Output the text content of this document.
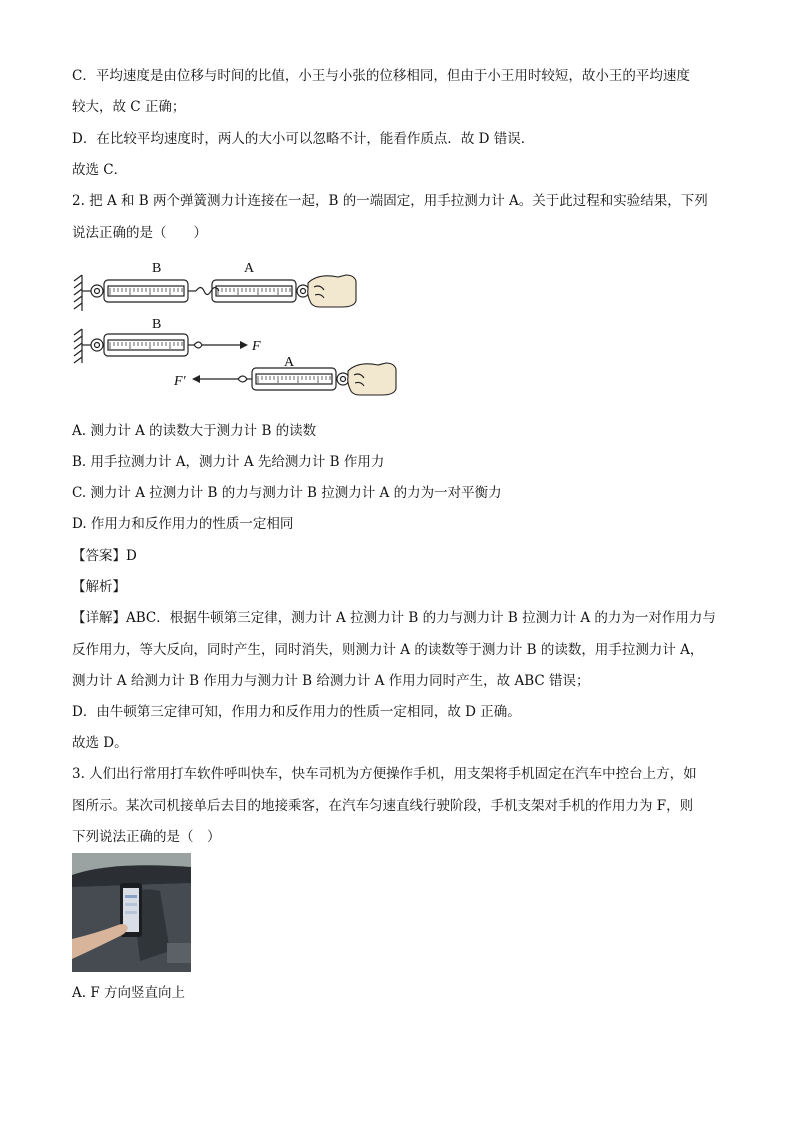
C．平均速度是由位移与时间的比值，小王与小张的位移相同，但由于小王用时较短，故小王的平均速度
较大，故 C 正确；
D．在比较平均速度时，两人的大小可以忽略不计，能看作质点．故 D 错误．
故选 C．
2. 把 A 和 B 两个弹簧测力计连接在一起，B 的一端固定，用手拉测力计 A。关于此过程和实验结果，下列
说法正确的是（　　）
B	A
B
F
A
F′
A. 测力计 A 的读数大于测力计 B 的读数
B. 用手拉测力计 A，测力计 A 先给测力计 B 作用力
C. 测力计 A 拉测力计 B 的力与测力计 B 拉测力计 A 的力为一对平衡力
D. 作用力和反作用力的性质一定相同
【答案】D
【解析】
【详解】ABC．根据牛顿第三定律，测力计 A 拉测力计 B 的力与测力计 B 拉测力计 A 的力为一对作用力与
反作用力，等大反向，同时产生，同时消失，则测力计 A 的读数等于测力计 B 的读数，用手拉测力计 A，
测力计 A 给测力计 B 作用力与测力计 B 给测力计 A 作用力同时产生，故 ABC 错误；
D．由牛顿第三定律可知，作用力和反作用力的性质一定相同，故 D 正确。
故选 D。
3. 人们出行常用打车软件呼叫快车，快车司机为方便操作手机，用支架将手机固定在汽车中控台上方，如
图所示。某次司机接单后去目的地接乘客，在汽车匀速直线行驶阶段，手机支架对手机的作用力为 F，则
下列说法正确的是（　）
A. F 方向竖直向上
